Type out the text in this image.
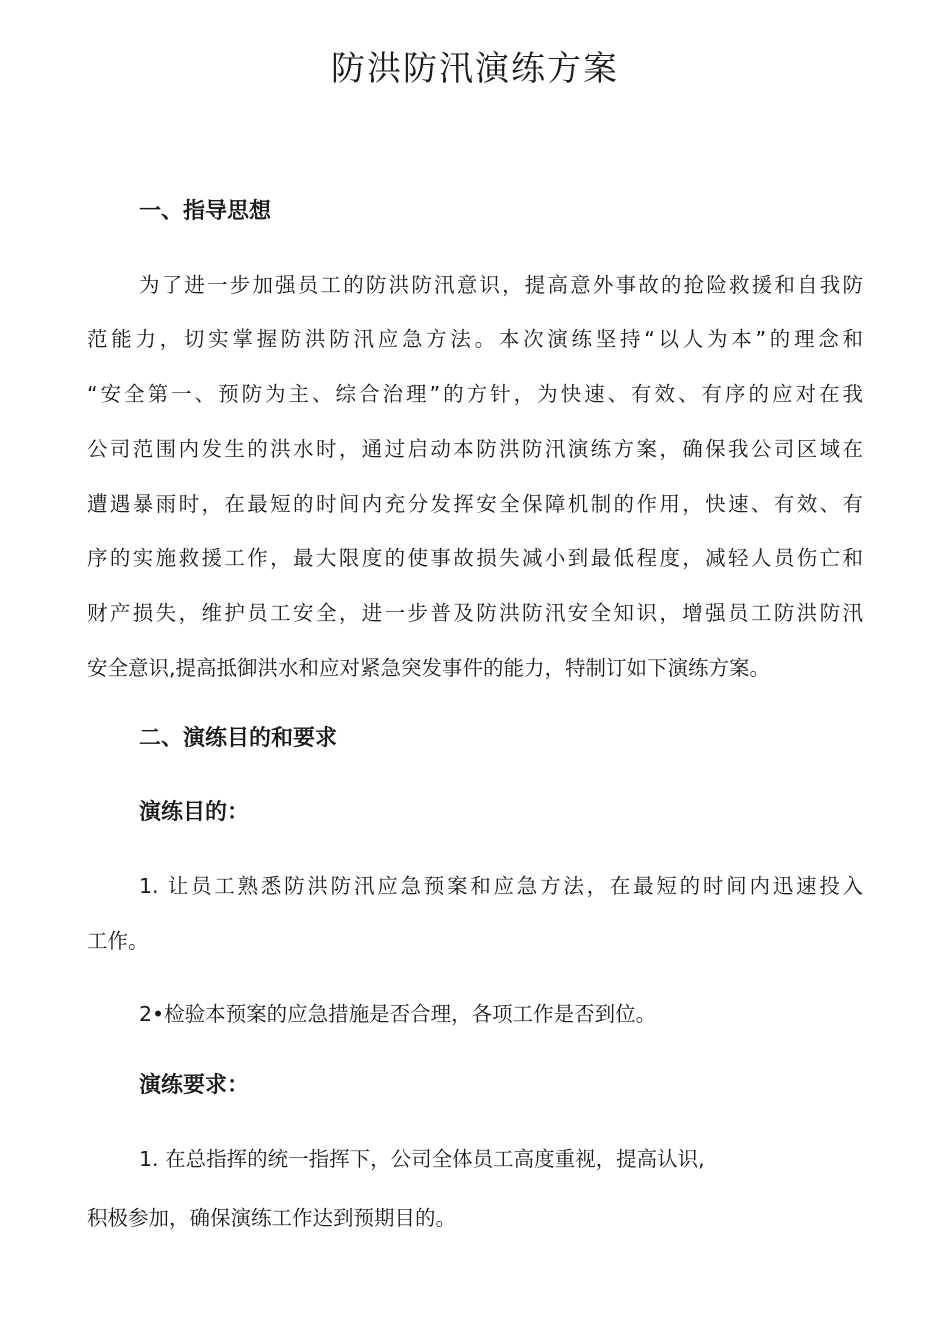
防洪防汛演练方案
一、指导思想

为了进一步加强员工的防洪防汛意识，提高意外事故的抢险救援和自我防

范能力，切实掌握防洪防汛应急方法。本次演练坚持“以人为本”的理念和

“安全第一、预防为主、综合治理”的方针，为快速、有效、有序的应对在我

公司范围内发生的洪水时，通过启动本防洪防汛演练方案，确保我公司区域在

遭遇暴雨时，在最短的时间内充分发挥安全保障机制的作用，快速、有效、有

序的实施救援工作，最大限度的使事故损失减小到最低程度，减轻人员伤亡和

财产损失，维护员工安全，进一步普及防洪防汛安全知识，增强员工防洪防汛

安全意识,提高抵御洪水和应对紧急突发事件的能力，特制订如下演练方案。

二、演练目的和要求
演练目的：

1. 让员工熟悉防洪防汛应急预案和应急方法，在最短的时间内迅速投入

工作。

2•检验本预案的应急措施是否合理，各项工作是否到位。

演练要求：

1. 在总指挥的统一指挥下，公司全体员工高度重视，提高认识,

积极参加，确保演练工作达到预期目的。
